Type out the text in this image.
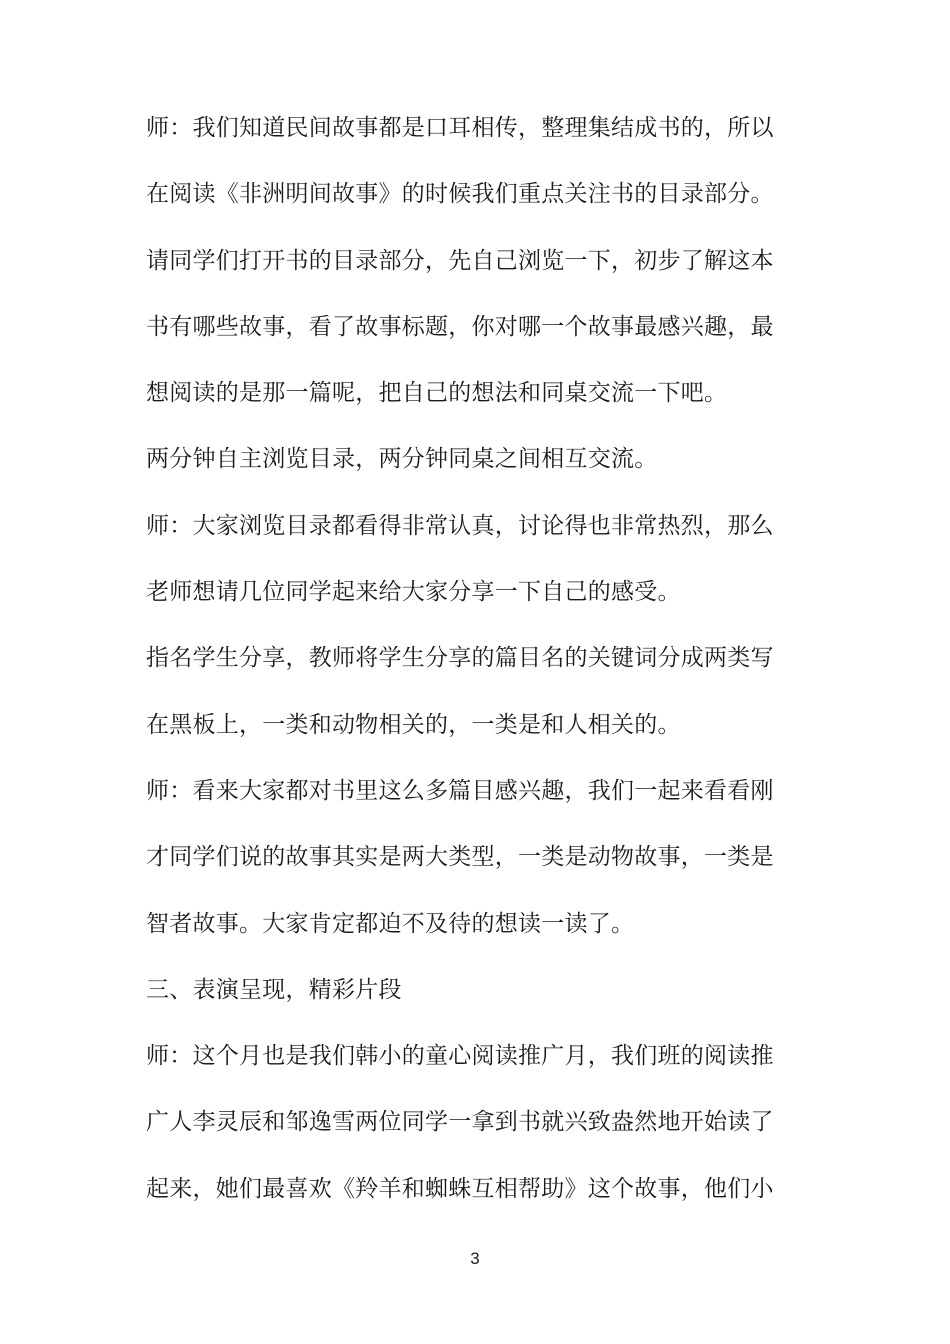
师：我们知道民间故事都是口耳相传，整理集结成书的，所以
在阅读《非洲明间故事》的时候我们重点关注书的目录部分。
请同学们打开书的目录部分，先自己浏览一下，初步了解这本
书有哪些故事，看了故事标题，你对哪一个故事最感兴趣，最
想阅读的是那一篇呢，把自己的想法和同桌交流一下吧。
两分钟自主浏览目录，两分钟同桌之间相互交流。
师：大家浏览目录都看得非常认真，讨论得也非常热烈，那么
老师想请几位同学起来给大家分享一下自己的感受。
指名学生分享，教师将学生分享的篇目名的关键词分成两类写
在黑板上，一类和动物相关的，一类是和人相关的。
师：看来大家都对书里这么多篇目感兴趣，我们一起来看看刚
才同学们说的故事其实是两大类型，一类是动物故事，一类是
智者故事。大家肯定都迫不及待的想读一读了。
三、表演呈现，精彩片段
师：这个月也是我们韩小的童心阅读推广月，我们班的阅读推
广人李灵辰和邹逸雪两位同学一拿到书就兴致盎然地开始读了
起来，她们最喜欢《羚羊和蜘蛛互相帮助》这个故事，他们小
3
